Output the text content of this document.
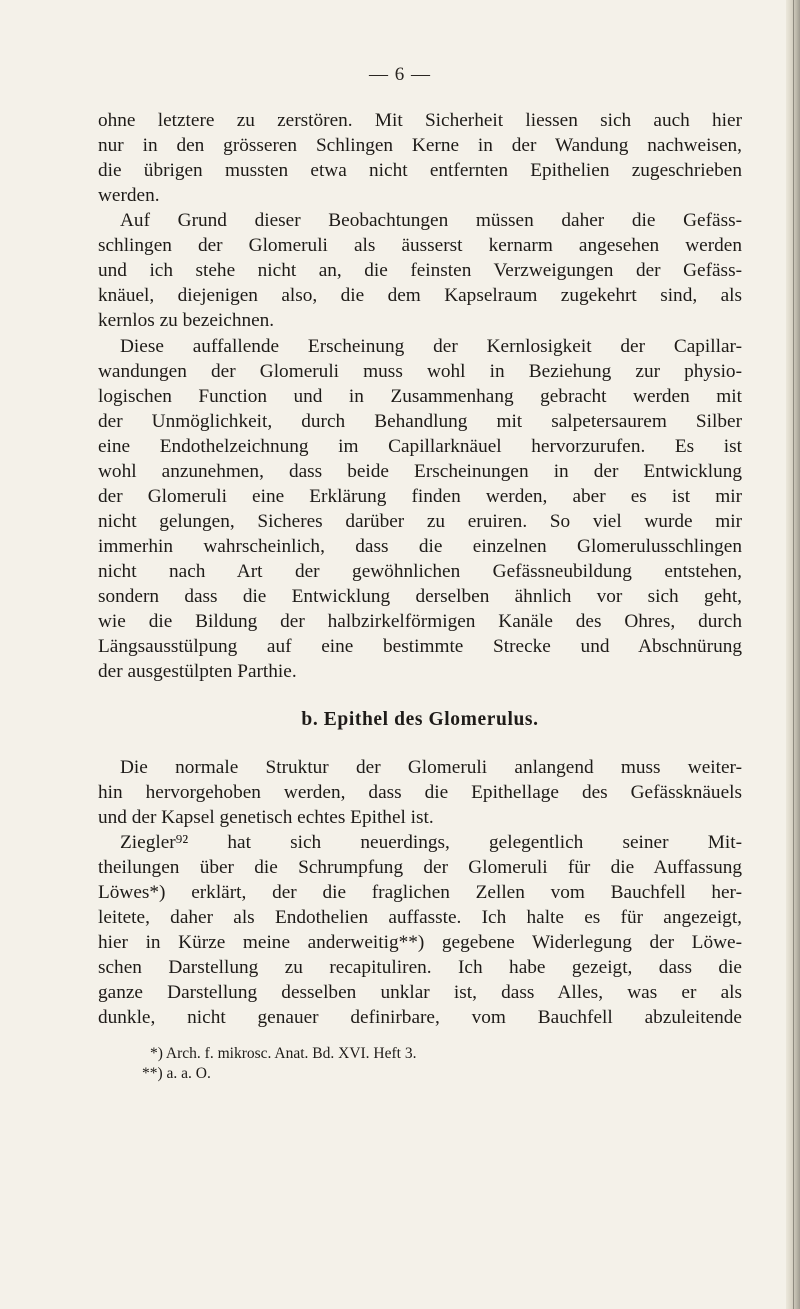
— 6 —
ohne letztere zu zerstören. Mit Sicherheit liessen sich auch hier
nur in den grösseren Schlingen Kerne in der Wandung nachweisen,
die übrigen mussten etwa nicht entfernten Epithelien zugeschrieben
werden.
Auf Grund dieser Beobachtungen müssen daher die Gefäss-
schlingen der Glomeruli als äusserst kernarm angesehen werden
und ich stehe nicht an, die feinsten Verzweigungen der Gefäss-
knäuel, diejenigen also, die dem Kapselraum zugekehrt sind, als
kernlos zu bezeichnen.
Diese auffallende Erscheinung der Kernlosigkeit der Capillar-
wandungen der Glomeruli muss wohl in Beziehung zur physio-
logischen Function und in Zusammenhang gebracht werden mit
der Unmöglichkeit, durch Behandlung mit salpetersaurem Silber
eine Endothelzeichnung im Capillarknäuel hervorzurufen. Es ist
wohl anzunehmen, dass beide Erscheinungen in der Entwicklung
der Glomeruli eine Erklärung finden werden, aber es ist mir
nicht gelungen, Sicheres darüber zu eruiren. So viel wurde mir
immerhin wahrscheinlich, dass die einzelnen Glomerulusschlingen
nicht nach Art der gewöhnlichen Gefässneubildung entstehen,
sondern dass die Entwicklung derselben ähnlich vor sich geht,
wie die Bildung der halbzirkelförmigen Kanäle des Ohres, durch
Längsausstülpung auf eine bestimmte Strecke und Abschnürung
der ausgestülpten Parthie.
b. Epithel des Glomerulus.
Die normale Struktur der Glomeruli anlangend muss weiter-
hin hervorgehoben werden, dass die Epithellage des Gefässknäuels
und der Kapsel genetisch echtes Epithel ist.
Ziegler⁹² hat sich neuerdings, gelegentlich seiner Mit-
theilungen über die Schrumpfung der Glomeruli für die Auffassung
Löwes*) erklärt, der die fraglichen Zellen vom Bauchfell her-
leitete, daher als Endothelien auffasste. Ich halte es für angezeigt,
hier in Kürze meine anderweitig**) gegebene Widerlegung der Löwe-
schen Darstellung zu recapituliren. Ich habe gezeigt, dass die
ganze Darstellung desselben unklar ist, dass Alles, was er als
dunkle, nicht genauer definirbare, vom Bauchfell abzuleitende
*) Arch. f. mikrosc. Anat. Bd. XVI. Heft 3.
**) a. a. O.
